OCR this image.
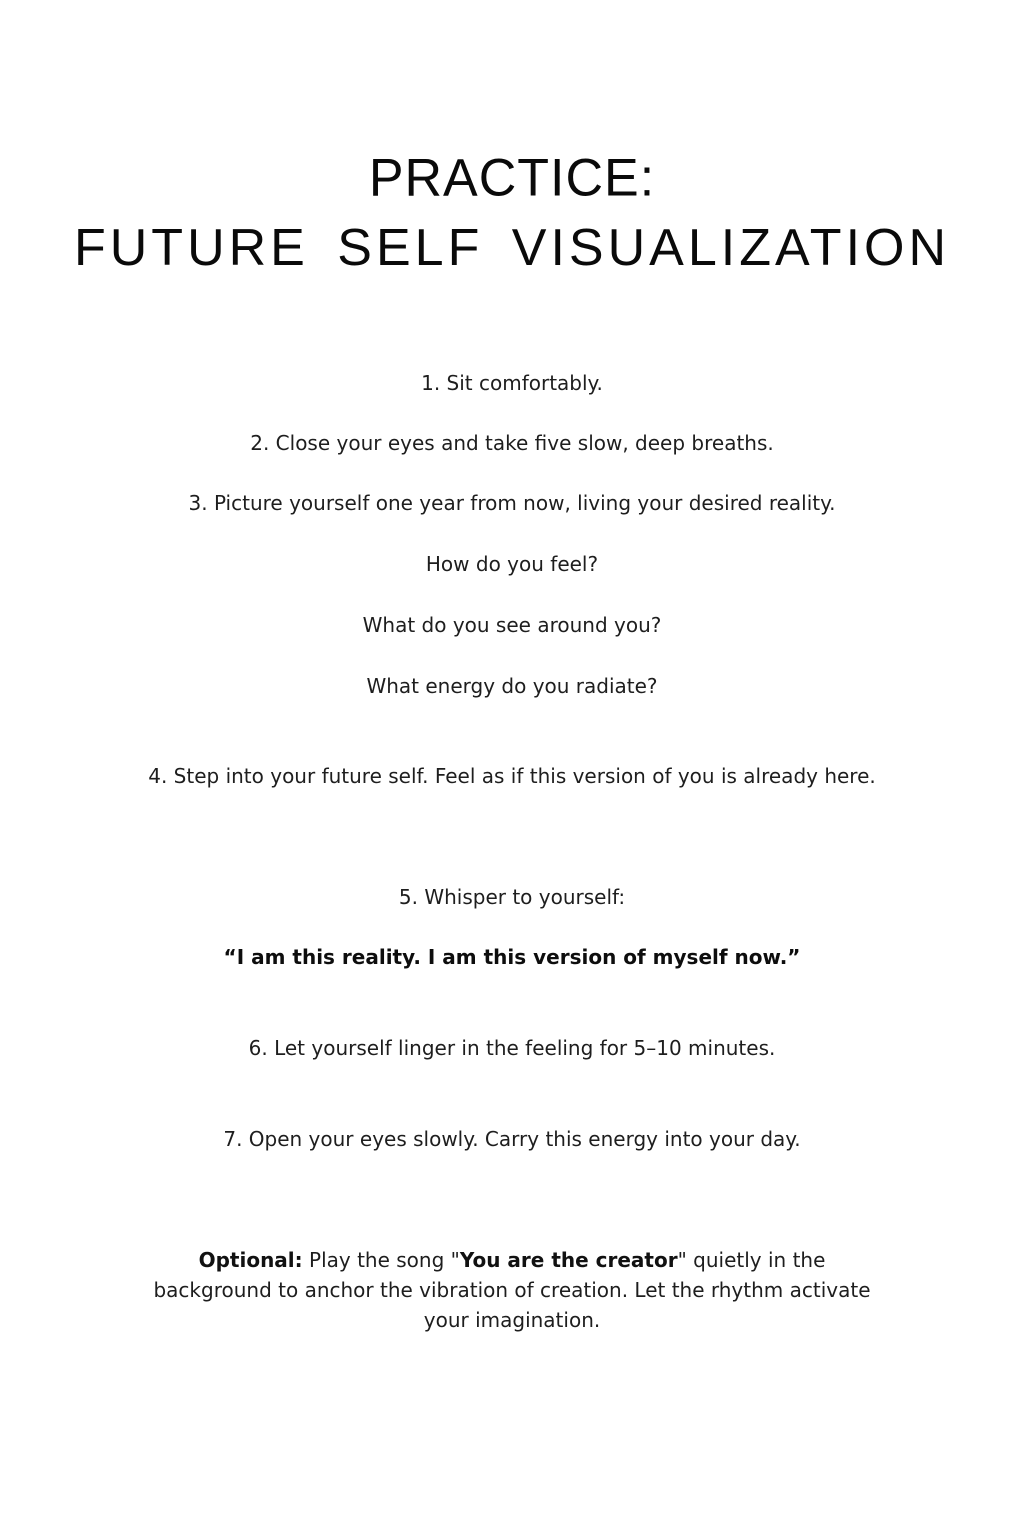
PRACTICE:
FUTURE SELF VISUALIZATION

1. Sit comfortably.

2. Close your eyes and take five slow, deep breaths.

3. Picture yourself one year from now, living your desired reality.

How do you feel?

What do you see around you?

What energy do you radiate?

4. Step into your future self. Feel as if this version of you is already here.

5. Whisper to yourself:

“I am this reality. I am this version of myself now.”

6. Let yourself linger in the feeling for 5–10 minutes.

7. Open your eyes slowly. Carry this energy into your day.

Optional: Play the song "You are the creator" quietly in the background to anchor the vibration of creation. Let the rhythm activate your imagination.
